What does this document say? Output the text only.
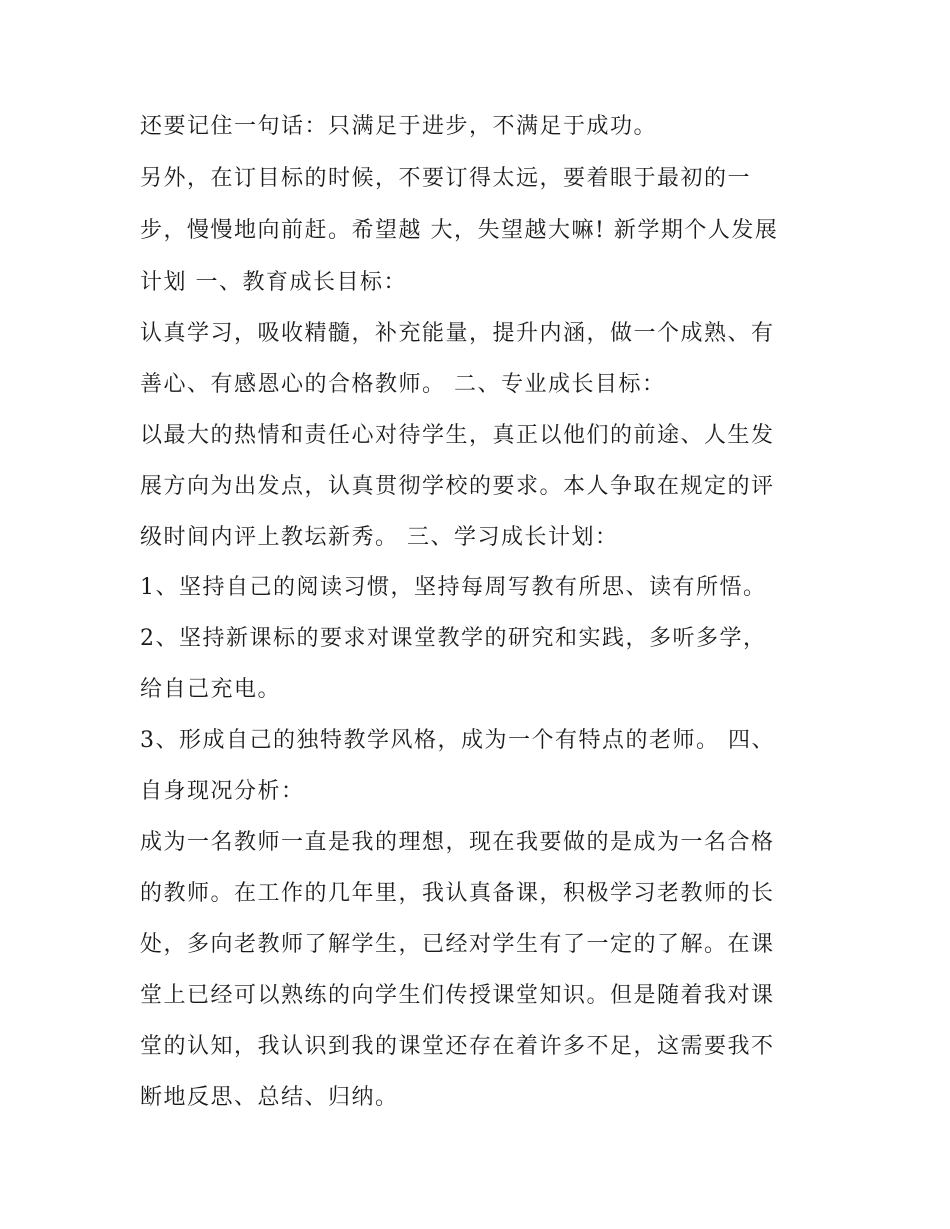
还要记住一句话：只满足于进步，不满足于成功。
另外，在订目标的时候，不要订得太远，要着眼于最初的一
步，慢慢地向前赶。希望越 大，失望越大嘛! 新学期个人发展
计划 一、教育成长目标：
认真学习，吸收精髓，补充能量，提升内涵，做一个成熟、有
善心、有感恩心的合格教师。 二、专业成长目标：
以最大的热情和责任心对待学生，真正以他们的前途、人生发
展方向为出发点，认真贯彻学校的要求。本人争取在规定的评
级时间内评上教坛新秀。 三、学习成长计划：
1、坚持自己的阅读习惯，坚持每周写教有所思、读有所悟。
2、坚持新课标的要求对课堂教学的研究和实践，多听多学，
给自己充电。
3、形成自己的独特教学风格，成为一个有特点的老师。 四、
自身现况分析：
成为一名教师一直是我的理想，现在我要做的是成为一名合格
的教师。在工作的几年里，我认真备课，积极学习老教师的长
处，多向老教师了解学生，已经对学生有了一定的了解。在课
堂上已经可以熟练的向学生们传授课堂知识。但是随着我对课
堂的认知，我认识到我的课堂还存在着许多不足，这需要我不
断地反思、总结、归纳。
